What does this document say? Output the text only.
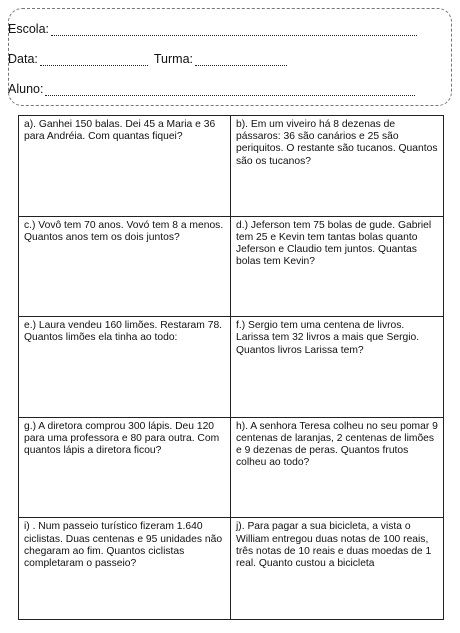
Escola:
Data:	Turma:
Aluno:
a). Ganhei 150 balas. Dei 45 a Maria e 36 para Andréia. Com quantas fiquei?
b). Em um viveiro há 8 dezenas de pássaros: 36 são canários e 25 são periquitos. O restante são tucanos. Quantos são os tucanos?
c.) Vovô tem 70 anos. Vovó tem 8 a menos. Quantos anos tem os dois juntos?
d.) Jeferson tem 75 bolas de gude. Gabriel tem 25 e Kevin tem tantas bolas quanto Jeferson e Claudio tem juntos. Quantas bolas tem Kevin?
e.) Laura vendeu 160 limões. Restaram 78. Quantos limões ela tinha ao todo:
f.) Sergio tem uma centena de livros. Larissa tem 32 livros a mais que Sergio. Quantos livros Larissa tem?
g.) A diretora comprou 300 lápis. Deu 120 para uma professora e 80 para outra. Com quantos lápis a diretora ficou?
h). A senhora Teresa colheu no seu pomar 9 centenas de laranjas, 2 centenas de limões e 9 dezenas de peras. Quantos frutos colheu ao todo?
i) . Num passeio turístico fizeram 1.640 ciclistas. Duas centenas e 95 unidades não chegaram ao fim. Quantos ciclistas completaram o passeio?
j). Para pagar a sua bicicleta, a vista o William entregou duas notas de 100 reais, três notas de 10 reais e duas moedas de 1 real. Quanto custou a bicicleta
